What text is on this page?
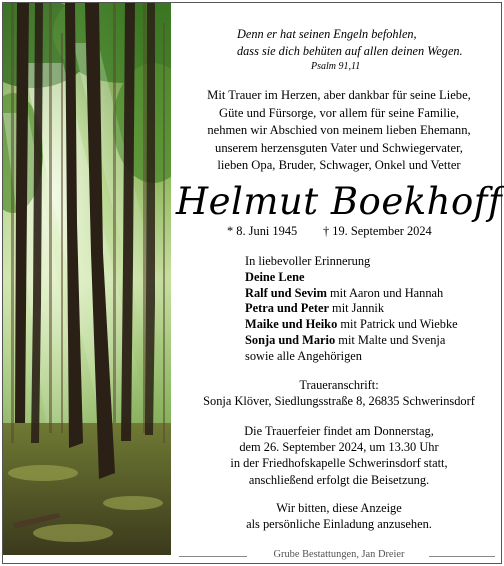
Denn er hat seinen Engeln befohlen,
dass sie dich behüten auf allen deinen Wegen.
Psalm 91,11
Mit Trauer im Herzen, aber dankbar für seine Liebe,
Güte und Fürsorge, vor allem für seine Familie,
nehmen wir Abschied von meinem lieben Ehemann,
unserem herzensguten Vater und Schwiegervater,
lieben Opa, Bruder, Schwager, Onkel und Vetter
Helmut Boekhoff
* 8. Juni 1945 † 19. September 2024
In liebevoller Erinnerung
Deine Lene
Ralf und Sevim mit Aaron und Hannah
Petra und Peter mit Jannik
Maike und Heiko mit Patrick und Wiebke
Sonja und Mario mit Malte und Svenja
sowie alle Angehörigen
Traueranschrift:
Sonja Klöver, Siedlungsstraße 8, 26835 Schwerinsdorf
Die Trauerfeier findet am Donnerstag,
dem 26. September 2024, um 13.30 Uhr
in der Friedhofskapelle Schwerinsdorf statt,
anschließend erfolgt die Beisetzung.
Wir bitten, diese Anzeige
als persönliche Einladung anzusehen.
Grube Bestattungen, Jan Dreier
